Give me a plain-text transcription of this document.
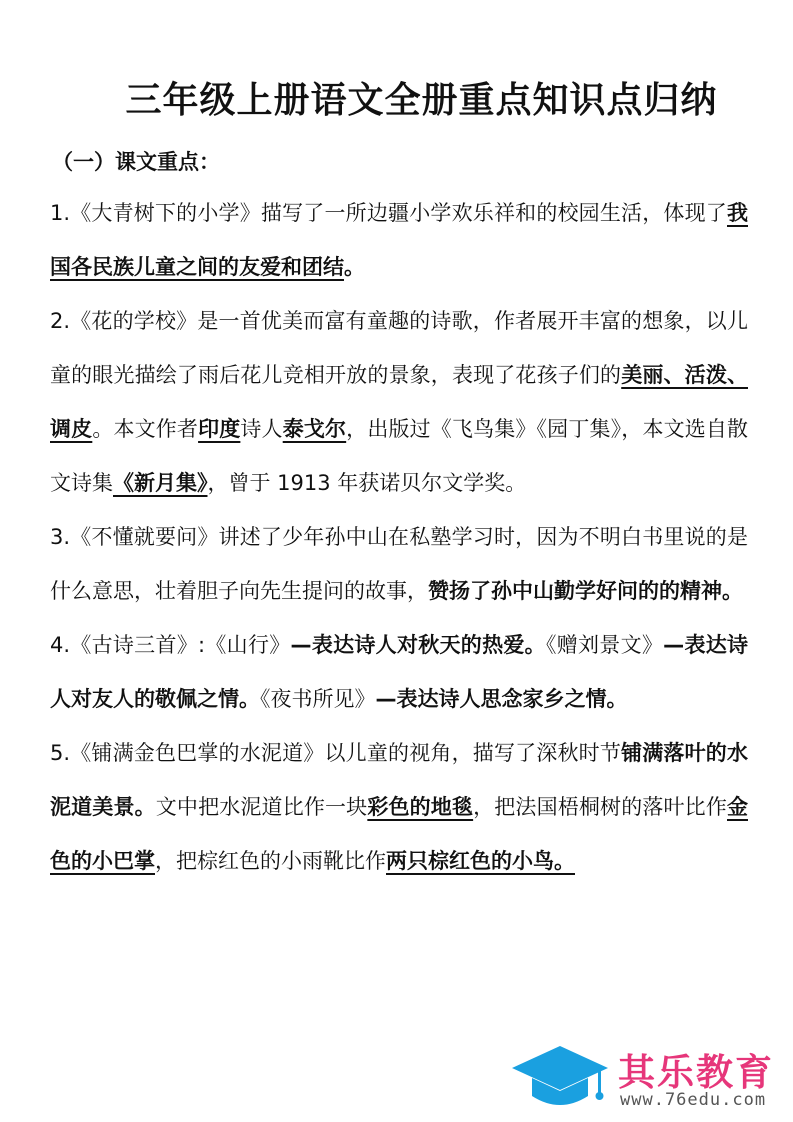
三年级上册语文全册重点知识点归纳
（一）课文重点：

1.《大青树下的小学》描写了一所边疆小学欢乐祥和的校园生活，体现了我国各民族儿童之间的友爱和团结。

2.《花的学校》是一首优美而富有童趣的诗歌，作者展开丰富的想象，以儿童的眼光描绘了雨后花儿竞相开放的景象，表现了花孩子们的美丽、活泼、调皮。本文作者印度诗人泰戈尔，出版过《飞鸟集》《园丁集》，本文选自散文诗集《新月集》，曾于 1913 年获诺贝尔文学奖。

3.《不懂就要问》讲述了少年孙中山在私塾学习时，因为不明白书里说的是什么意思，壮着胆子向先生提问的故事，赞扬了孙中山勤学好问的的精神。

4.《古诗三首》:《山行》—表达诗人对秋天的热爱。《赠刘景文》—表达诗人对友人的敬佩之情。《夜书所见》—表达诗人思念家乡之情。

5.《铺满金色巴掌的水泥道》以儿童的视角，描写了深秋时节铺满落叶的水泥道美景。文中把水泥道比作一块彩色的地毯，把法国梧桐树的落叶比作金色的小巴掌，把棕红色的小雨靴比作两只棕红色的小鸟。

其乐教育
www.76edu.com
